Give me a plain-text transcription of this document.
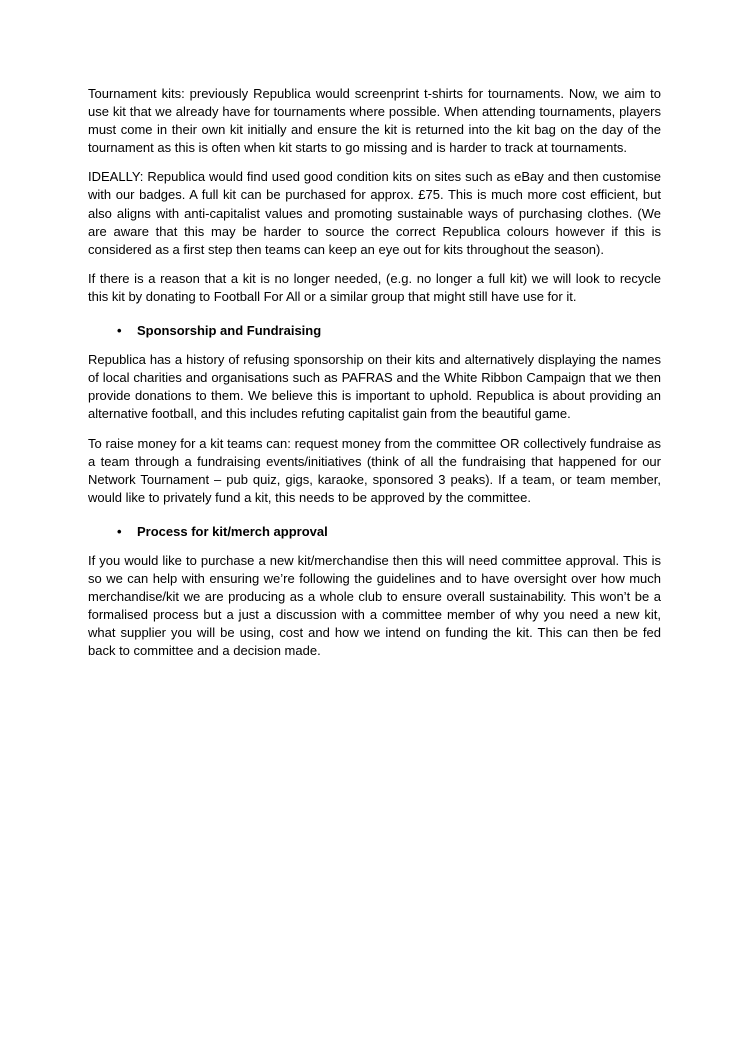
Tournament kits: previously Republica would screenprint t-shirts for tournaments. Now, we aim to use kit that we already have for tournaments where possible. When attending tournaments, players must come in their own kit initially and ensure the kit is returned into the kit bag on the day of the tournament as this is often when kit starts to go missing and is harder to track at tournaments.

IDEALLY: Republica would find used good condition kits on sites such as eBay and then customise with our badges. A full kit can be purchased for approx. £75. This is much more cost efficient, but also aligns with anti-capitalist values and promoting sustainable ways of purchasing clothes. (We are aware that this may be harder to source the correct Republica colours however if this is considered as a first step then teams can keep an eye out for kits throughout the season).

If there is a reason that a kit is no longer needed, (e.g. no longer a full kit) we will look to recycle this kit by donating to Football For All or a similar group that might still have use for it.

• Sponsorship and Fundraising

Republica has a history of refusing sponsorship on their kits and alternatively displaying the names of local charities and organisations such as PAFRAS and the White Ribbon Campaign that we then provide donations to them. We believe this is important to uphold. Republica is about providing an alternative football, and this includes refuting capitalist gain from the beautiful game.

To raise money for a kit teams can: request money from the committee OR collectively fundraise as a team through a fundraising events/initiatives (think of all the fundraising that happened for our Network Tournament – pub quiz, gigs, karaoke, sponsored 3 peaks). If a team, or team member, would like to privately fund a kit, this needs to be approved by the committee.

• Process for kit/merch approval

If you would like to purchase a new kit/merchandise then this will need committee approval. This is so we can help with ensuring we’re following the guidelines and to have oversight over how much merchandise/kit we are producing as a whole club to ensure overall sustainability. This won’t be a formalised process but a just a discussion with a committee member of why you need a new kit, what supplier you will be using, cost and how we intend on funding the kit. This can then be fed back to committee and a decision made.
